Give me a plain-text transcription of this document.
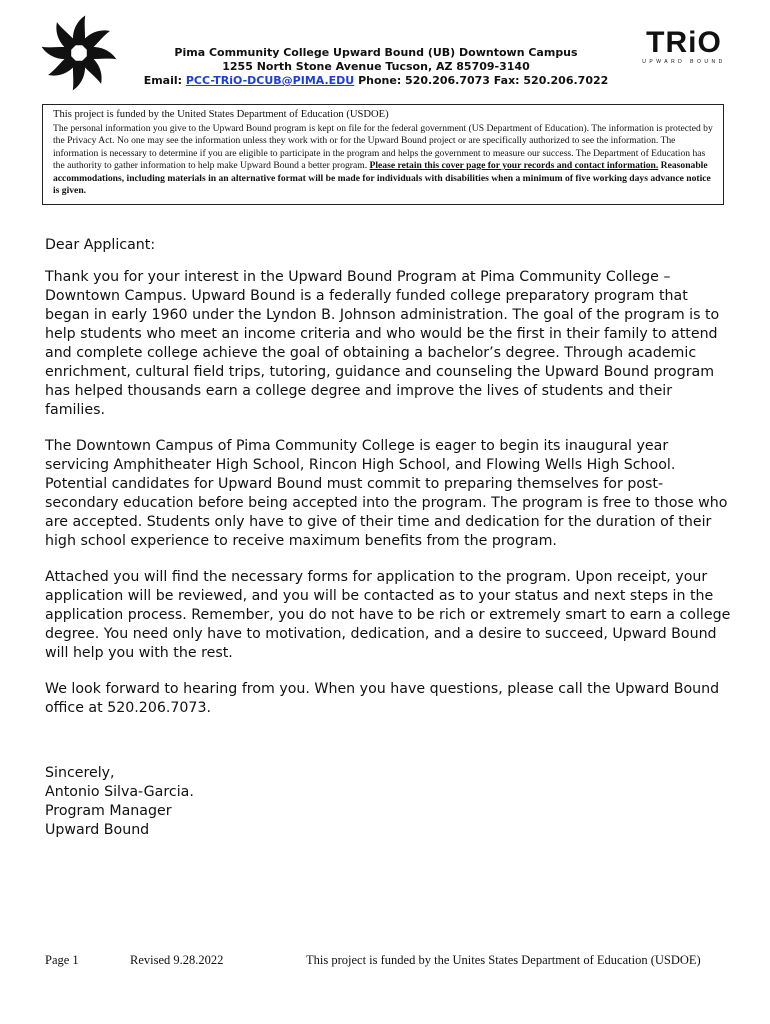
TRiO
UPWARD BOUND
Pima Community College Upward Bound (UB) Downtown Campus
1255 North Stone Avenue Tucson, AZ 85709-3140
Email: PCC-TRiO-DCUB@PIMA.EDU Phone: 520.206.7073 Fax: 520.206.7022
This project is funded by the United States Department of Education (USDOE)
The personal information you give to the Upward Bound program is kept on file for the federal government (US Department of Education). The information is protected by the Privacy Act. No one may see the information unless they work with or for the Upward Bound project or are specifically authorized to see the information. The information is necessary to determine if you are eligible to participate in the program and helps the government to measure our success. The Department of Education has the authority to gather information to help make Upward Bound a better program. Please retain this cover page for your records and contact information. Reasonable accommodations, including materials in an alternative format will be made for individuals with disabilities when a minimum of five working days advance notice is given.

Dear Applicant:

Thank you for your interest in the Upward Bound Program at Pima Community College – Downtown Campus. Upward Bound is a federally funded college preparatory program that began in early 1960 under the Lyndon B. Johnson administration. The goal of the program is to help students who meet an income criteria and who would be the first in their family to attend and complete college achieve the goal of obtaining a bachelor’s degree. Through academic enrichment, cultural field trips, tutoring, guidance and counseling the Upward Bound program has helped thousands earn a college degree and improve the lives of students and their families.

The Downtown Campus of Pima Community College is eager to begin its inaugural year servicing Amphitheater High School, Rincon High School, and Flowing Wells High School. Potential candidates for Upward Bound must commit to preparing themselves for post-secondary education before being accepted into the program. The program is free to those who are accepted. Students only have to give of their time and dedication for the duration of their high school experience to receive maximum benefits from the program.

Attached you will find the necessary forms for application to the program. Upon receipt, your application will be reviewed, and you will be contacted as to your status and next steps in the application process. Remember, you do not have to be rich or extremely smart to earn a college degree. You need only have to motivation, dedication, and a desire to succeed, Upward Bound will help you with the rest.

We look forward to hearing from you. When you have questions, please call the Upward Bound office at 520.206.7073.

Sincerely,

Antonio Silva-Garcia.

Program Manager

Upward Bound

Page 1	Revised 9.28.2022	This project is funded by the Unites States Department of Education (USDOE)
